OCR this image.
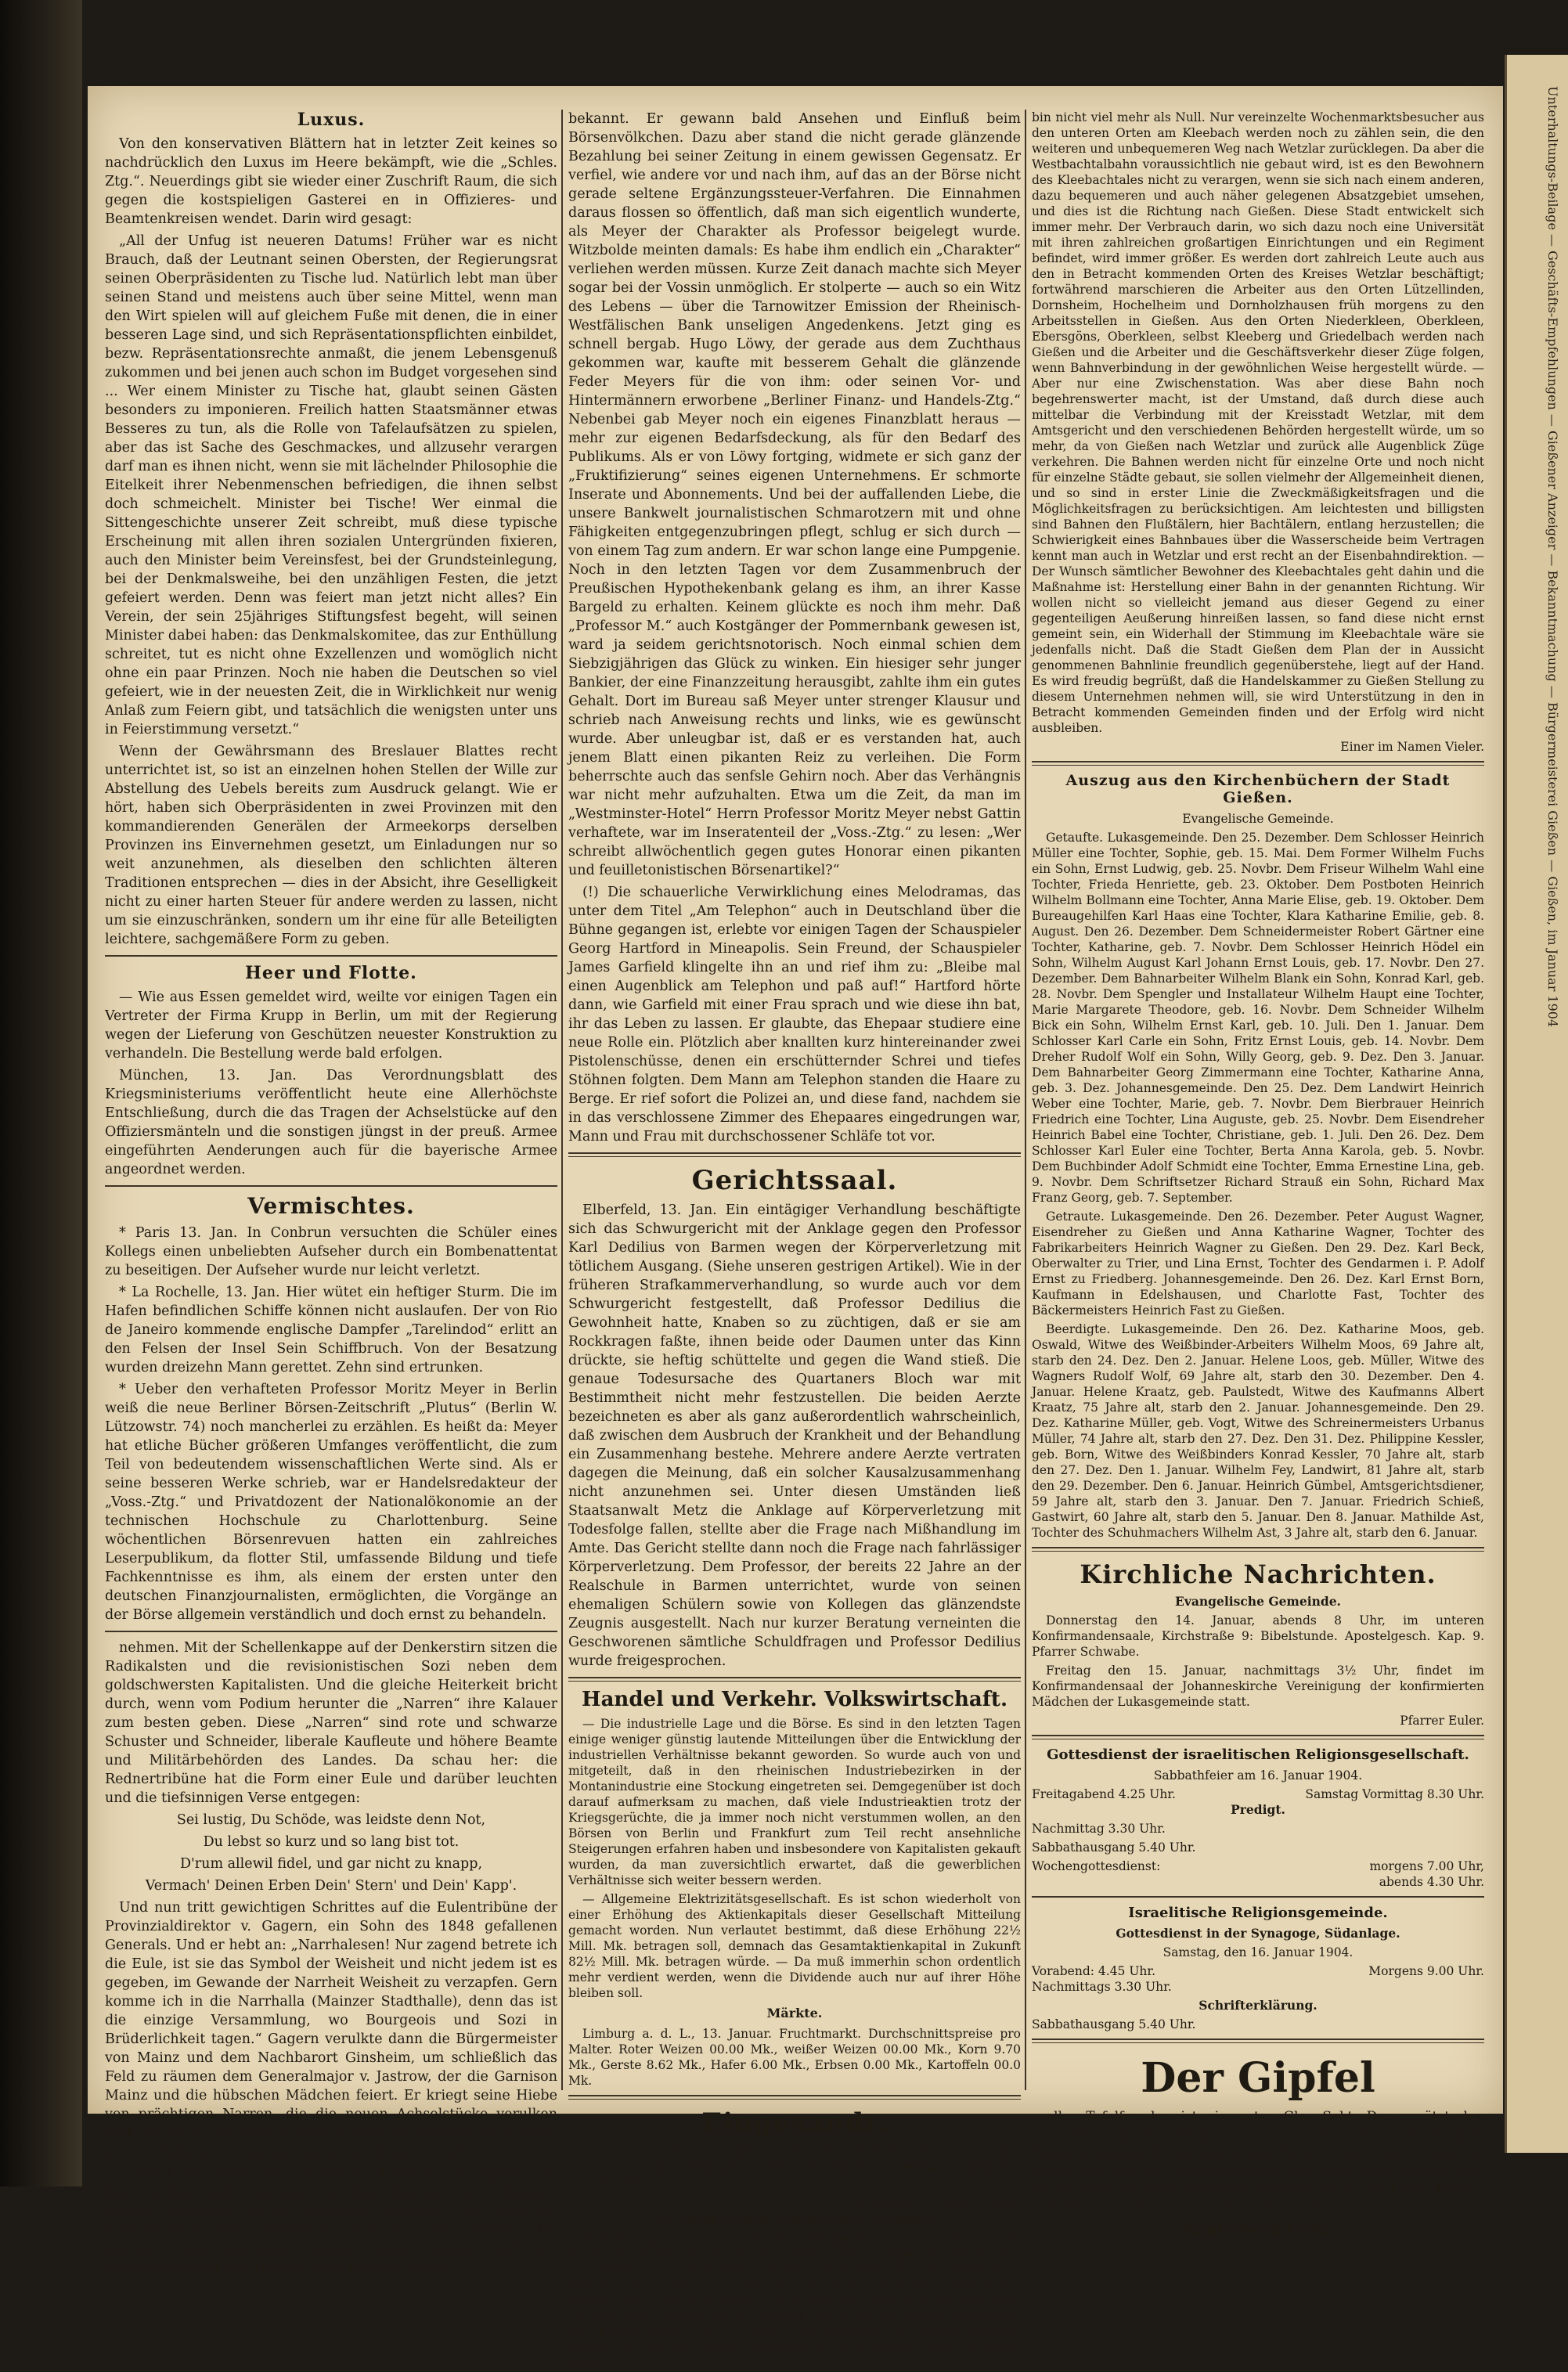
Unterhaltungs-Beilage — Geschäfts-Empfehlungen — Gießener Anzeiger — Bekanntmachung — Bürgermeisterei Gießen — Gießen, im Januar 1904
Luxus.

Von den konservativen Blättern hat in letzter Zeit keines so nachdrücklich den Luxus im Heere bekämpft, wie die „Schles. Ztg.“. Neuerdings gibt sie wieder einer Zuschrift Raum, die sich gegen die kostspieligen Gasterei en in Offizieres- und Beamtenkreisen wendet. Darin wird gesagt:

„All der Unfug ist neueren Datums! Früher war es nicht Brauch, daß der Leutnant seinen Obersten, der Regierungsrat seinen Oberpräsidenten zu Tische lud. Natürlich lebt man über seinen Stand und meistens auch über seine Mittel, wenn man den Wirt spielen will auf gleichem Fuße mit denen, die in einer besseren Lage sind, und sich Repräsentationspflichten einbildet, bezw. Repräsentationsrechte anmaßt, die jenem Lebensgenuß zukommen und bei jenen auch schon im Budget vorgesehen sind ... Wer einem Minister zu Tische hat, glaubt seinen Gästen besonders zu imponieren. Freilich hatten Staatsmänner etwas Besseres zu tun, als die Rolle von Tafelaufsätzen zu spielen, aber das ist Sache des Geschmackes, und allzusehr verargen darf man es ihnen nicht, wenn sie mit lächelnder Philosophie die Eitelkeit ihrer Nebenmenschen befriedigen, die ihnen selbst doch schmeichelt. Minister bei Tische! Wer einmal die Sittengeschichte unserer Zeit schreibt, muß diese typische Erscheinung mit allen ihren sozialen Untergründen fixieren, auch den Minister beim Vereinsfest, bei der Grundsteinlegung, bei der Denkmalsweihe, bei den unzähligen Festen, die jetzt gefeiert werden. Denn was feiert man jetzt nicht alles? Ein Verein, der sein 25jähriges Stiftungsfest begeht, will seinen Minister dabei haben: das Denkmalskomitee, das zur Enthüllung schreitet, tut es nicht ohne Exzellenzen und womöglich nicht ohne ein paar Prinzen. Noch nie haben die Deutschen so viel gefeiert, wie in der neuesten Zeit, die in Wirklichkeit nur wenig Anlaß zum Feiern gibt, und tatsächlich die wenigsten unter uns in Feierstimmung versetzt.“

Wenn der Gewährsmann des Breslauer Blattes recht unterrichtet ist, so ist an einzelnen hohen Stellen der Wille zur Abstellung des Uebels bereits zum Ausdruck gelangt. Wie er hört, haben sich Oberpräsidenten in zwei Provinzen mit den kommandierenden Generälen der Armeekorps derselben Provinzen ins Einvernehmen gesetzt, um Einladungen nur so weit anzunehmen, als dieselben den schlichten älteren Traditionen entsprechen — dies in der Absicht, ihre Geselligkeit nicht zu einer harten Steuer für andere werden zu lassen, nicht um sie einzuschränken, sondern um ihr eine für alle Beteiligten leichtere, sachgemäßere Form zu geben.

Heer und Flotte.

— Wie aus Essen gemeldet wird, weilte vor einigen Tagen ein Vertreter der Firma Krupp in Berlin, um mit der Regierung wegen der Lieferung von Geschützen neuester Konstruktion zu verhandeln. Die Bestellung werde bald erfolgen.

München, 13. Jan. Das Verordnungsblatt des Kriegsministeriums veröffentlicht heute eine Allerhöchste Entschließung, durch die das Tragen der Achselstücke auf den Offiziersmänteln und die sonstigen jüngst in der preuß. Armee eingeführten Aenderungen auch für die bayerische Armee angeordnet werden.

Vermischtes.

* Paris 13. Jan. In Conbrun versuchten die Schüler eines Kollegs einen unbeliebten Aufseher durch ein Bombenattentat zu beseitigen. Der Aufseher wurde nur leicht verletzt.

* La Rochelle, 13. Jan. Hier wütet ein heftiger Sturm. Die im Hafen befindlichen Schiffe können nicht auslaufen. Der von Rio de Janeiro kommende englische Dampfer „Tarelindod“ erlitt an den Felsen der Insel Sein Schiffbruch. Von der Besatzung wurden dreizehn Mann gerettet. Zehn sind ertrunken.

* Ueber den verhafteten Professor Moritz Meyer in Berlin weiß die neue Berliner Börsen-Zeitschrift „Plutus“ (Berlin W. Lützowstr. 74) noch mancherlei zu erzählen. Es heißt da: Meyer hat etliche Bücher größeren Umfanges veröffentlicht, die zum Teil von bedeutendem wissenschaftlichen Werte sind. Als er seine besseren Werke schrieb, war er Handelsredakteur der „Voss.-Ztg.“ und Privatdozent der Nationalökonomie an der technischen Hochschule zu Charlottenburg. Seine wöchentlichen Börsenrevuen hatten ein zahlreiches Leserpublikum, da flotter Stil, umfassende Bildung und tiefe Fachkenntnisse es ihm, als einem der ersten unter den deutschen Finanzjournalisten, ermöglichten, die Vorgänge an der Börse allgemein verständlich und doch ernst zu behandeln.

nehmen. Mit der Schellenkappe auf der Denkerstirn sitzen die Radikalsten und die revisionistischen Sozi neben dem goldschwersten Kapitalisten. Und die gleiche Heiterkeit bricht durch, wenn vom Podium herunter die „Narren“ ihre Kalauer zum besten geben. Diese „Narren“ sind rote und schwarze Schuster und Schneider, liberale Kaufleute und höhere Beamte und Militärbehörden des Landes. Da schau her: die Rednertribüne hat die Form einer Eule und darüber leuchten und die tiefsinnigen Verse entgegen:

Sei lustig, Du Schöde, was leidste denn Not,

Du lebst so kurz und so lang bist tot.

D'rum allewil fidel, und gar nicht zu knapp,

Vermach' Deinen Erben Dein' Stern' und Dein' Kapp'.

Und nun tritt gewichtigen Schrittes auf die Eulentribüne der Provinzialdirektor v. Gagern, ein Sohn des 1848 gefallenen Generals. Und er hebt an: „Narrhalesen! Nur zagend betrete ich die Eule, ist sie das Symbol der Weisheit und nicht jedem ist es gegeben, im Gewande der Narrheit Weisheit zu verzapfen. Gern komme ich in die Narrhalla (Mainzer Stadthalle), denn das ist die einzige Versammlung, wo Bourgeois und Sozi in Brüderlichkeit tagen.“ Gagern verulkte dann die Bürgermeister von Mainz und dem Nachbarort Ginsheim, um schließlich das Feld zu räumen dem Generalmajor v. Jastrow, der die Garnison Mainz und die hübschen Mädchen feiert. Er kriegt seine Hiebe von prächtigen Narren, die die neuen Achselstücke verulken und das Wort Garnison verpönen, weil die Mainzerinnen sonst gar zu leicht an die „kleine Garnison“ denken könnten.

— Nach der „Köln. Ztg.“ wurde die Direktion Steingoetter in der Nachbarstadt Marburg, wo der Zapfenstreich ebenfalls einmal aufgeführt wurde, veranlaßt, bedeutet, von weiteren Aufführungen dort abzusehen, weil das Offizierkorps des dortigen Jägerbataillons Anstoß daran nimmt und bei Wiederholungen das Theater ganz meiden würde.

bekannt. Er gewann bald Ansehen und Einfluß beim Börsenvölkchen. Dazu aber stand die nicht gerade glänzende Bezahlung bei seiner Zeitung in einem gewissen Gegensatz. Er verfiel, wie andere vor und nach ihm, auf das an der Börse nicht gerade seltene Ergänzungssteuer-Verfahren. Die Einnahmen daraus flossen so öffentlich, daß man sich eigentlich wunderte, als Meyer der Charakter als Professor beigelegt wurde. Witzbolde meinten damals: Es habe ihm endlich ein „Charakter“ verliehen werden müssen. Kurze Zeit danach machte sich Meyer sogar bei der Vossin unmöglich. Er stolperte — auch so ein Witz des Lebens — über die Tarnowitzer Emission der Rheinisch-Westfälischen Bank unseligen Angedenkens. Jetzt ging es schnell bergab. Hugo Löwy, der gerade aus dem Zuchthaus gekommen war, kaufte mit besserem Gehalt die glänzende Feder Meyers für die von ihm: oder seinen Vor- und Hintermännern erworbene „Berliner Finanz- und Handels-Ztg.“ Nebenbei gab Meyer noch ein eigenes Finanzblatt heraus — mehr zur eigenen Bedarfsdeckung, als für den Bedarf des Publikums. Als er von Löwy fortging, widmete er sich ganz der „Fruktifizierung“ seines eigenen Unternehmens. Er schmorte Inserate und Abonnements. Und bei der auffallenden Liebe, die unsere Bankwelt journalistischen Schmarotzern mit und ohne Fähigkeiten entgegenzubringen pflegt, schlug er sich durch — von einem Tag zum andern. Er war schon lange eine Pumpgenie. Noch in den letzten Tagen vor dem Zusammenbruch der Preußischen Hypothekenbank gelang es ihm, an ihrer Kasse Bargeld zu erhalten. Keinem glückte es noch ihm mehr. Daß „Professor M.“ auch Kostgänger der Pommernbank gewesen ist, ward ja seidem gerichtsnotorisch. Noch einmal schien dem Siebzigjährigen das Glück zu winken. Ein hiesiger sehr junger Bankier, der eine Finanzzeitung herausgibt, zahlte ihm ein gutes Gehalt. Dort im Bureau saß Meyer unter strenger Klausur und schrieb nach Anweisung rechts und links, wie es gewünscht wurde. Aber unleugbar ist, daß er es verstanden hat, auch jenem Blatt einen pikanten Reiz zu verleihen. Die Form beherrschte auch das senfsle Gehirn noch. Aber das Verhängnis war nicht mehr aufzuhalten. Etwa um die Zeit, da man im „Westminster-Hotel“ Herrn Professor Moritz Meyer nebst Gattin verhaftete, war im Inseratenteil der „Voss.-Ztg.“ zu lesen: „Wer schreibt allwöchentlich gegen gutes Honorar einen pikanten und feuilletonistischen Börsenartikel?“

(!) Die schauerliche Verwirklichung eines Melodramas, das unter dem Titel „Am Telephon“ auch in Deutschland über die Bühne gegangen ist, erlebte vor einigen Tagen der Schauspieler Georg Hartford in Mineapolis. Sein Freund, der Schauspieler James Garfield klingelte ihn an und rief ihm zu: „Bleibe mal einen Augenblick am Telephon und paß auf!“ Hartford hörte dann, wie Garfield mit einer Frau sprach und wie diese ihn bat, ihr das Leben zu lassen. Er glaubte, das Ehepaar studiere eine neue Rolle ein. Plötzlich aber knallten kurz hintereinander zwei Pistolenschüsse, denen ein erschütternder Schrei und tiefes Stöhnen folgten. Dem Mann am Telephon standen die Haare zu Berge. Er rief sofort die Polizei an, und diese fand, nachdem sie in das verschlossene Zimmer des Ehepaares eingedrungen war, Mann und Frau mit durchschossener Schläfe tot vor.

Gerichtssaal.

Elberfeld, 13. Jan. Ein eintägiger Verhandlung beschäftigte sich das Schwurgericht mit der Anklage gegen den Professor Karl Dedilius von Barmen wegen der Körperverletzung mit tötlichem Ausgang. (Siehe unseren gestrigen Artikel). Wie in der früheren Strafkammerverhandlung, so wurde auch vor dem Schwurgericht festgestellt, daß Professor Dedilius die Gewohnheit hatte, Knaben so zu züchtigen, daß er sie am Rockkragen faßte, ihnen beide oder Daumen unter das Kinn drückte, sie heftig schüttelte und gegen die Wand stieß. Die genaue Todesursache des Quartaners Bloch war mit Bestimmtheit nicht mehr festzustellen. Die beiden Aerzte bezeichneten es aber als ganz außerordentlich wahrscheinlich, daß zwischen dem Ausbruch der Krankheit und der Behandlung ein Zusammenhang bestehe. Mehrere andere Aerzte vertraten dagegen die Meinung, daß ein solcher Kausalzusammenhang nicht anzunehmen sei. Unter diesen Umständen ließ Staatsanwalt Metz die Anklage auf Körperverletzung mit Todesfolge fallen, stellte aber die Frage nach Mißhandlung im Amte. Das Gericht stellte dann noch die Frage nach fahrlässiger Körperverletzung. Dem Professor, der bereits 22 Jahre an der Realschule in Barmen unterrichtet, wurde von seinen ehemaligen Schülern sowie von Kollegen das glänzendste Zeugnis ausgestellt. Nach nur kurzer Beratung verneinten die Geschworenen sämtliche Schuldfragen und Professor Dedilius wurde freigesprochen.

Handel und Verkehr. Volkswirtschaft.

— Die industrielle Lage und die Börse. Es sind in den letzten Tagen einige weniger günstig lautende Mitteilungen über die Entwicklung der industriellen Verhältnisse bekannt geworden. So wurde auch von und mitgeteilt, daß in den rheinischen Industriebezirken in der Montanindustrie eine Stockung eingetreten sei. Demgegenüber ist doch darauf aufmerksam zu machen, daß viele Industrieaktien trotz der Kriegsgerüchte, die ja immer noch nicht verstummen wollen, an den Börsen von Berlin und Frankfurt zum Teil recht ansehnliche Steigerungen erfahren haben und insbesondere von Kapitalisten gekauft wurden, da man zuversichtlich erwartet, daß die gewerblichen Verhältnisse sich weiter bessern werden.

— Allgemeine Elektrizitätsgesellschaft. Es ist schon wiederholt von einer Erhöhung des Aktienkapitals dieser Gesellschaft Mitteilung gemacht worden. Nun verlautet bestimmt, daß diese Erhöhung 22½ Mill. Mk. betragen soll, demnach das Gesamtaktienkapital in Zukunft 82½ Mill. Mk. betragen würde. — Da muß immerhin schon ordentlich mehr verdient werden, wenn die Dividende auch nur auf ihrer Höhe bleiben soll.

Märkte.

Limburg a. d. L., 13. Januar. Fruchtmarkt. Durchschnittspreise pro Malter. Roter Weizen 00.00 Mk., weißer Weizen 00.00 Mk., Korn 9.70 Mk., Gerste 8.62 Mk., Hafer 6.00 Mk., Erbsen 0.00 Mk., Kartoffeln 00.0 Mk.

Eingesandt.

(Für Form und Inhalt aller unter dieser Rubrik stehenden Artikel übernimmt die Redaktion dem Publikum gegenüber keinerlei Verantwortung.)

Dornsheim, 12. Januar 1904.

Zur Bahn Gießen—Kleebachtal—Ußingen.

Daß die Anwohner der Orte des Kleebachtales von Gießen, bezw. Butzbach gewiß mit Recht, mit mehr oder weniger Spannung der Entscheidung entgegensehen, ist begreiflich. Besonders für diejenigen, welche etwas abseits wohnen, wird es nicht leicht sein, eine Karte, welche etwas anders aussieht, welche erkennen läßt, daß die Bahn nach Ußingen führt, wegen der Wichtigkeit, die sie für die Verkehrsinteressen der Kleebachtaler hat, zu lesen. Die Verkehre der Kleebachtalorte, welche in früheren Jahren vorzugsweise nach Wetzlar ging, ist heute doch

bin nicht viel mehr als Null. Nur vereinzelte Wochenmarktsbesucher aus den unteren Orten am Kleebach werden noch zu zählen sein, die den weiteren und unbequemeren Weg nach Wetzlar zurücklegen. Da aber die Westbachtalbahn voraussichtlich nie gebaut wird, ist es den Bewohnern des Kleebachtales nicht zu verargen, wenn sie sich nach einem anderen, dazu bequemeren und auch näher gelegenen Absatzgebiet umsehen, und dies ist die Richtung nach Gießen. Diese Stadt entwickelt sich immer mehr. Der Verbrauch darin, wo sich dazu noch eine Universität mit ihren zahlreichen großartigen Einrichtungen und ein Regiment befindet, wird immer größer. Es werden dort zahlreich Leute auch aus den in Betracht kommenden Orten des Kreises Wetzlar beschäftigt; fortwährend marschieren die Arbeiter aus den Orten Lützellinden, Dornsheim, Hochelheim und Dornholzhausen früh morgens zu den Arbeitsstellen in Gießen. Aus den Orten Niederkleen, Oberkleen, Ebersgöns, Oberkleen, selbst Kleeberg und Griedelbach werden nach Gießen und die Arbeiter und die Geschäftsverkehr dieser Züge folgen, wenn Bahnverbindung in der gewöhnlichen Weise hergestellt würde. — Aber nur eine Zwischenstation. Was aber diese Bahn noch begehrenswerter macht, ist der Umstand, daß durch diese auch mittelbar die Verbindung mit der Kreisstadt Wetzlar, mit dem Amtsgericht und den verschiedenen Behörden hergestellt würde, um so mehr, da von Gießen nach Wetzlar und zurück alle Augenblick Züge verkehren. Die Bahnen werden nicht für einzelne Orte und noch nicht für einzelne Städte gebaut, sie sollen vielmehr der Allgemeinheit dienen, und so sind in erster Linie die Zweckmäßigkeitsfragen und die Möglichkeitsfragen zu berücksichtigen. Am leichtesten und billigsten sind Bahnen den Flußtälern, hier Bachtälern, entlang herzustellen; die Schwierigkeit eines Bahnbaues über die Wasserscheide beim Vertragen kennt man auch in Wetzlar und erst recht an der Eisenbahndirektion. — Der Wunsch sämtlicher Bewohner des Kleebachtales geht dahin und die Maßnahme ist: Herstellung einer Bahn in der genannten Richtung. Wir wollen nicht so vielleicht jemand aus dieser Gegend zu einer gegenteiligen Aeußerung hinreißen lassen, so fand diese nicht ernst gemeint sein, ein Widerhall der Stimmung im Kleebachtale wäre sie jedenfalls nicht. Daß die Stadt Gießen dem Plan der in Aussicht genommenen Bahnlinie freundlich gegenüberstehe, liegt auf der Hand. Es wird freudig begrüßt, daß die Handelskammer zu Gießen Stellung zu diesem Unternehmen nehmen will, sie wird Unterstützung in den in Betracht kommenden Gemeinden finden und der Erfolg wird nicht ausbleiben.

Einer im Namen Vieler.

Auszug aus den Kirchenbüchern der Stadt Gießen.

Evangelische Gemeinde.

Getaufte. Lukasgemeinde. Den 25. Dezember. Dem Schlosser Heinrich Müller eine Tochter, Sophie, geb. 15. Mai. Dem Former Wilhelm Fuchs ein Sohn, Ernst Ludwig, geb. 25. Novbr. Dem Friseur Wilhelm Wahl eine Tochter, Frieda Henriette, geb. 23. Oktober. Dem Postboten Heinrich Wilhelm Bollmann eine Tochter, Anna Marie Elise, geb. 19. Oktober. Dem Bureaugehilfen Karl Haas eine Tochter, Klara Katharine Emilie, geb. 8. August. Den 26. Dezember. Dem Schneidermeister Robert Gärtner eine Tochter, Katharine, geb. 7. Novbr. Dem Schlosser Heinrich Hödel ein Sohn, Wilhelm August Karl Johann Ernst Louis, geb. 17. Novbr. Den 27. Dezember. Dem Bahnarbeiter Wilhelm Blank ein Sohn, Konrad Karl, geb. 28. Novbr. Dem Spengler und Installateur Wilhelm Haupt eine Tochter, Marie Margarete Theodore, geb. 16. Novbr. Dem Schneider Wilhelm Bick ein Sohn, Wilhelm Ernst Karl, geb. 10. Juli. Den 1. Januar. Dem Schlosser Karl Carle ein Sohn, Fritz Ernst Louis, geb. 14. Novbr. Dem Dreher Rudolf Wolf ein Sohn, Willy Georg, geb. 9. Dez. Den 3. Januar. Dem Bahnarbeiter Georg Zimmermann eine Tochter, Katharine Anna, geb. 3. Dez. Johannesgemeinde. Den 25. Dez. Dem Landwirt Heinrich Weber eine Tochter, Marie, geb. 7. Novbr. Dem Bierbrauer Heinrich Friedrich eine Tochter, Lina Auguste, geb. 25. Novbr. Dem Eisendreher Heinrich Babel eine Tochter, Christiane, geb. 1. Juli. Den 26. Dez. Dem Schlosser Karl Euler eine Tochter, Berta Anna Karola, geb. 5. Novbr. Dem Buchbinder Adolf Schmidt eine Tochter, Emma Ernestine Lina, geb. 9. Novbr. Dem Schriftsetzer Richard Strauß ein Sohn, Richard Max Franz Georg, geb. 7. September.

Getraute. Lukasgemeinde. Den 26. Dezember. Peter August Wagner, Eisendreher zu Gießen und Anna Katharine Wagner, Tochter des Fabrikarbeiters Heinrich Wagner zu Gießen. Den 29. Dez. Karl Beck, Oberwalter zu Trier, und Lina Ernst, Tochter des Gendarmen i. P. Adolf Ernst zu Friedberg. Johannesgemeinde. Den 26. Dez. Karl Ernst Born, Kaufmann in Edelshausen, und Charlotte Fast, Tochter des Bäckermeisters Heinrich Fast zu Gießen.

Beerdigte. Lukasgemeinde. Den 26. Dez. Katharine Moos, geb. Oswald, Witwe des Weißbinder-Arbeiters Wilhelm Moos, 69 Jahre alt, starb den 24. Dez. Den 2. Januar. Helene Loos, geb. Müller, Witwe des Wagners Rudolf Wolf, 69 Jahre alt, starb den 30. Dezember. Den 4. Januar. Helene Kraatz, geb. Paulstedt, Witwe des Kaufmanns Albert Kraatz, 75 Jahre alt, starb den 2. Januar. Johannesgemeinde. Den 29. Dez. Katharine Müller, geb. Vogt, Witwe des Schreinermeisters Urbanus Müller, 74 Jahre alt, starb den 27. Dez. Den 31. Dez. Philippine Kessler, geb. Born, Witwe des Weißbinders Konrad Kessler, 70 Jahre alt, starb den 27. Dez. Den 1. Januar. Wilhelm Fey, Landwirt, 81 Jahre alt, starb den 29. Dezember. Den 6. Januar. Heinrich Gümbel, Amtsgerichtsdiener, 59 Jahre alt, starb den 3. Januar. Den 7. Januar. Friedrich Schieß, Gastwirt, 60 Jahre alt, starb den 5. Januar. Den 8. Januar. Mathilde Ast, Tochter des Schuhmachers Wilhelm Ast, 3 Jahre alt, starb den 6. Januar.

Kirchliche Nachrichten.

Evangelische Gemeinde.

Donnerstag den 14. Januar, abends 8 Uhr, im unteren Konfirmandensaale, Kirchstraße 9: Bibelstunde. Apostelgesch. Kap. 9. Pfarrer Schwabe.

Freitag den 15. Januar, nachmittags 3½ Uhr, findet im Konfirmandensaal der Johanneskirche Vereinigung der konfirmierten Mädchen der Lukasgemeinde statt.

Pfarrer Euler.

Gottesdienst der israelitischen Religionsgesellschaft.

Sabbathfeier am 16. Januar 1904.

Freitagabend 4.25 Uhr.	Samstag Vormittag 8.30 Uhr.

Predigt.

Nachmittag 3.30 Uhr.

Sabbathausgang 5.40 Uhr.

Wochengottesdienst:	morgens 7.00 Uhr,

abends 4.30 Uhr.

Israelitische Religionsgemeinde.

Gottesdienst in der Synagoge, Südanlage.

Samstag, den 16. Januar 1904.

Vorabend: 4.45 Uhr.	Morgens 9.00 Uhr.

Nachmittags 3.30 Uhr.

Schrifterklärung.

Sabbathausgang 5.40 Uhr.

Der Gipfel

aller Tafelfreuden ist ein gutes Glas Sekt. Das ergötzt den Gaumen, regt den Magen und feuert den Geist an. Es gibt Wohlgeschmack, Wohlbehagen und Witz, — und zwar je mehr, je besser der Sekt ist. Diese Erfahrung, die durch jedes höhere Fest, durch jedes intimere Gastmahl bestätigt wird, führt den Kenner und Freund feinsten Genusses immer wieder zu

Kupferberg Gold!
